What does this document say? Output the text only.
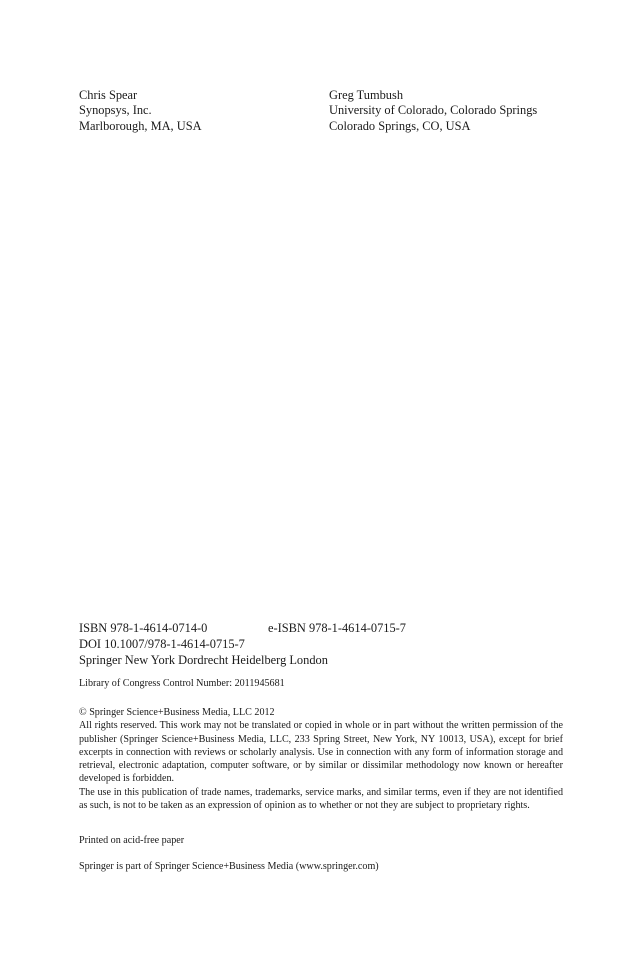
Chris Spear
Synopsys, Inc.
Marlborough, MA, USA
Greg Tumbush
University of Colorado, Colorado Springs
Colorado Springs, CO, USA
ISBN 978-1-4614-0714-0	e-ISBN 978-1-4614-0715-7
DOI 10.1007/978-1-4614-0715-7
Springer New York Dordrecht Heidelberg London
Library of Congress Control Number: 2011945681
© Springer Science+Business Media, LLC 2012
All rights reserved. This work may not be translated or copied in whole or in part without the written permission of the publisher (Springer Science+Business Media, LLC, 233 Spring Street, New York, NY 10013, USA), except for brief excerpts in connection with reviews or scholarly analysis. Use in connection with any form of information storage and retrieval, electronic adaptation, computer software, or by similar or dissimilar methodology now known or hereafter developed is forbidden.
The use in this publication of trade names, trademarks, service marks, and similar terms, even if they are not identified as such, is not to be taken as an expression of opinion as to whether or not they are subject to proprietary rights.
Printed on acid-free paper
Springer is part of Springer Science+Business Media (www.springer.com)
